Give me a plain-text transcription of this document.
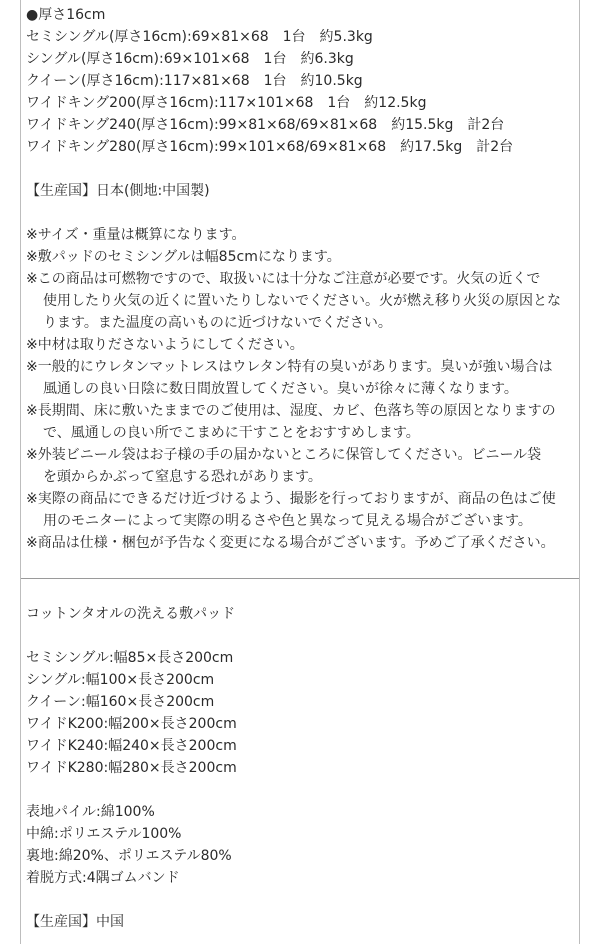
●厚さ16cm
セミシングル(厚さ16cm):69×81×68　1台　約5.3kg
シングル(厚さ16cm):69×101×68　1台　約6.3kg
クイーン(厚さ16cm):117×81×68　1台　約10.5kg
ワイドキング200(厚さ16cm):117×101×68　1台　約12.5kg
ワイドキング240(厚さ16cm):99×81×68/69×81×68　約15.5kg　計2台
ワイドキング280(厚さ16cm):99×101×68/69×81×68　約17.5kg　計2台
【生産国】日本(側地:中国製)
※サイズ・重量は概算になります。
※敷パッドのセミシングルは幅85cmになります。
※この商品は可燃物ですので、取扱いには十分なご注意が必要です。火気の近くで
使用したり火気の近くに置いたりしないでください。火が燃え移り火災の原因とな
ります。また温度の高いものに近づけないでください。
※中材は取りださないようにしてください。
※一般的にウレタンマットレスはウレタン特有の臭いがあります。臭いが強い場合は
風通しの良い日陰に数日間放置してください。臭いが徐々に薄くなります。
※長期間、床に敷いたままでのご使用は、湿度、カビ、色落ち等の原因となりますの
で、風通しの良い所でこまめに干すことをおすすめします。
※外装ビニール袋はお子様の手の届かないところに保管してください。ビニール袋
を頭からかぶって窒息する恐れがあります。
※実際の商品にできるだけ近づけるよう、撮影を行っておりますが、商品の色はご使
用のモニターによって実際の明るさや色と異なって見える場合がございます。
※商品は仕様・梱包が予告なく変更になる場合がございます。予めご了承ください。
コットンタオルの洗える敷パッド
セミシングル:幅85×長さ200cm
シングル:幅100×長さ200cm
クイーン:幅160×長さ200cm
ワイドK200:幅200×長さ200cm
ワイドK240:幅240×長さ200cm
ワイドK280:幅280×長さ200cm
表地パイル:綿100%
中綿:ポリエステル100%
裏地:綿20%、ポリエステル80%
着脱方式:4隅ゴムバンド
【生産国】中国
